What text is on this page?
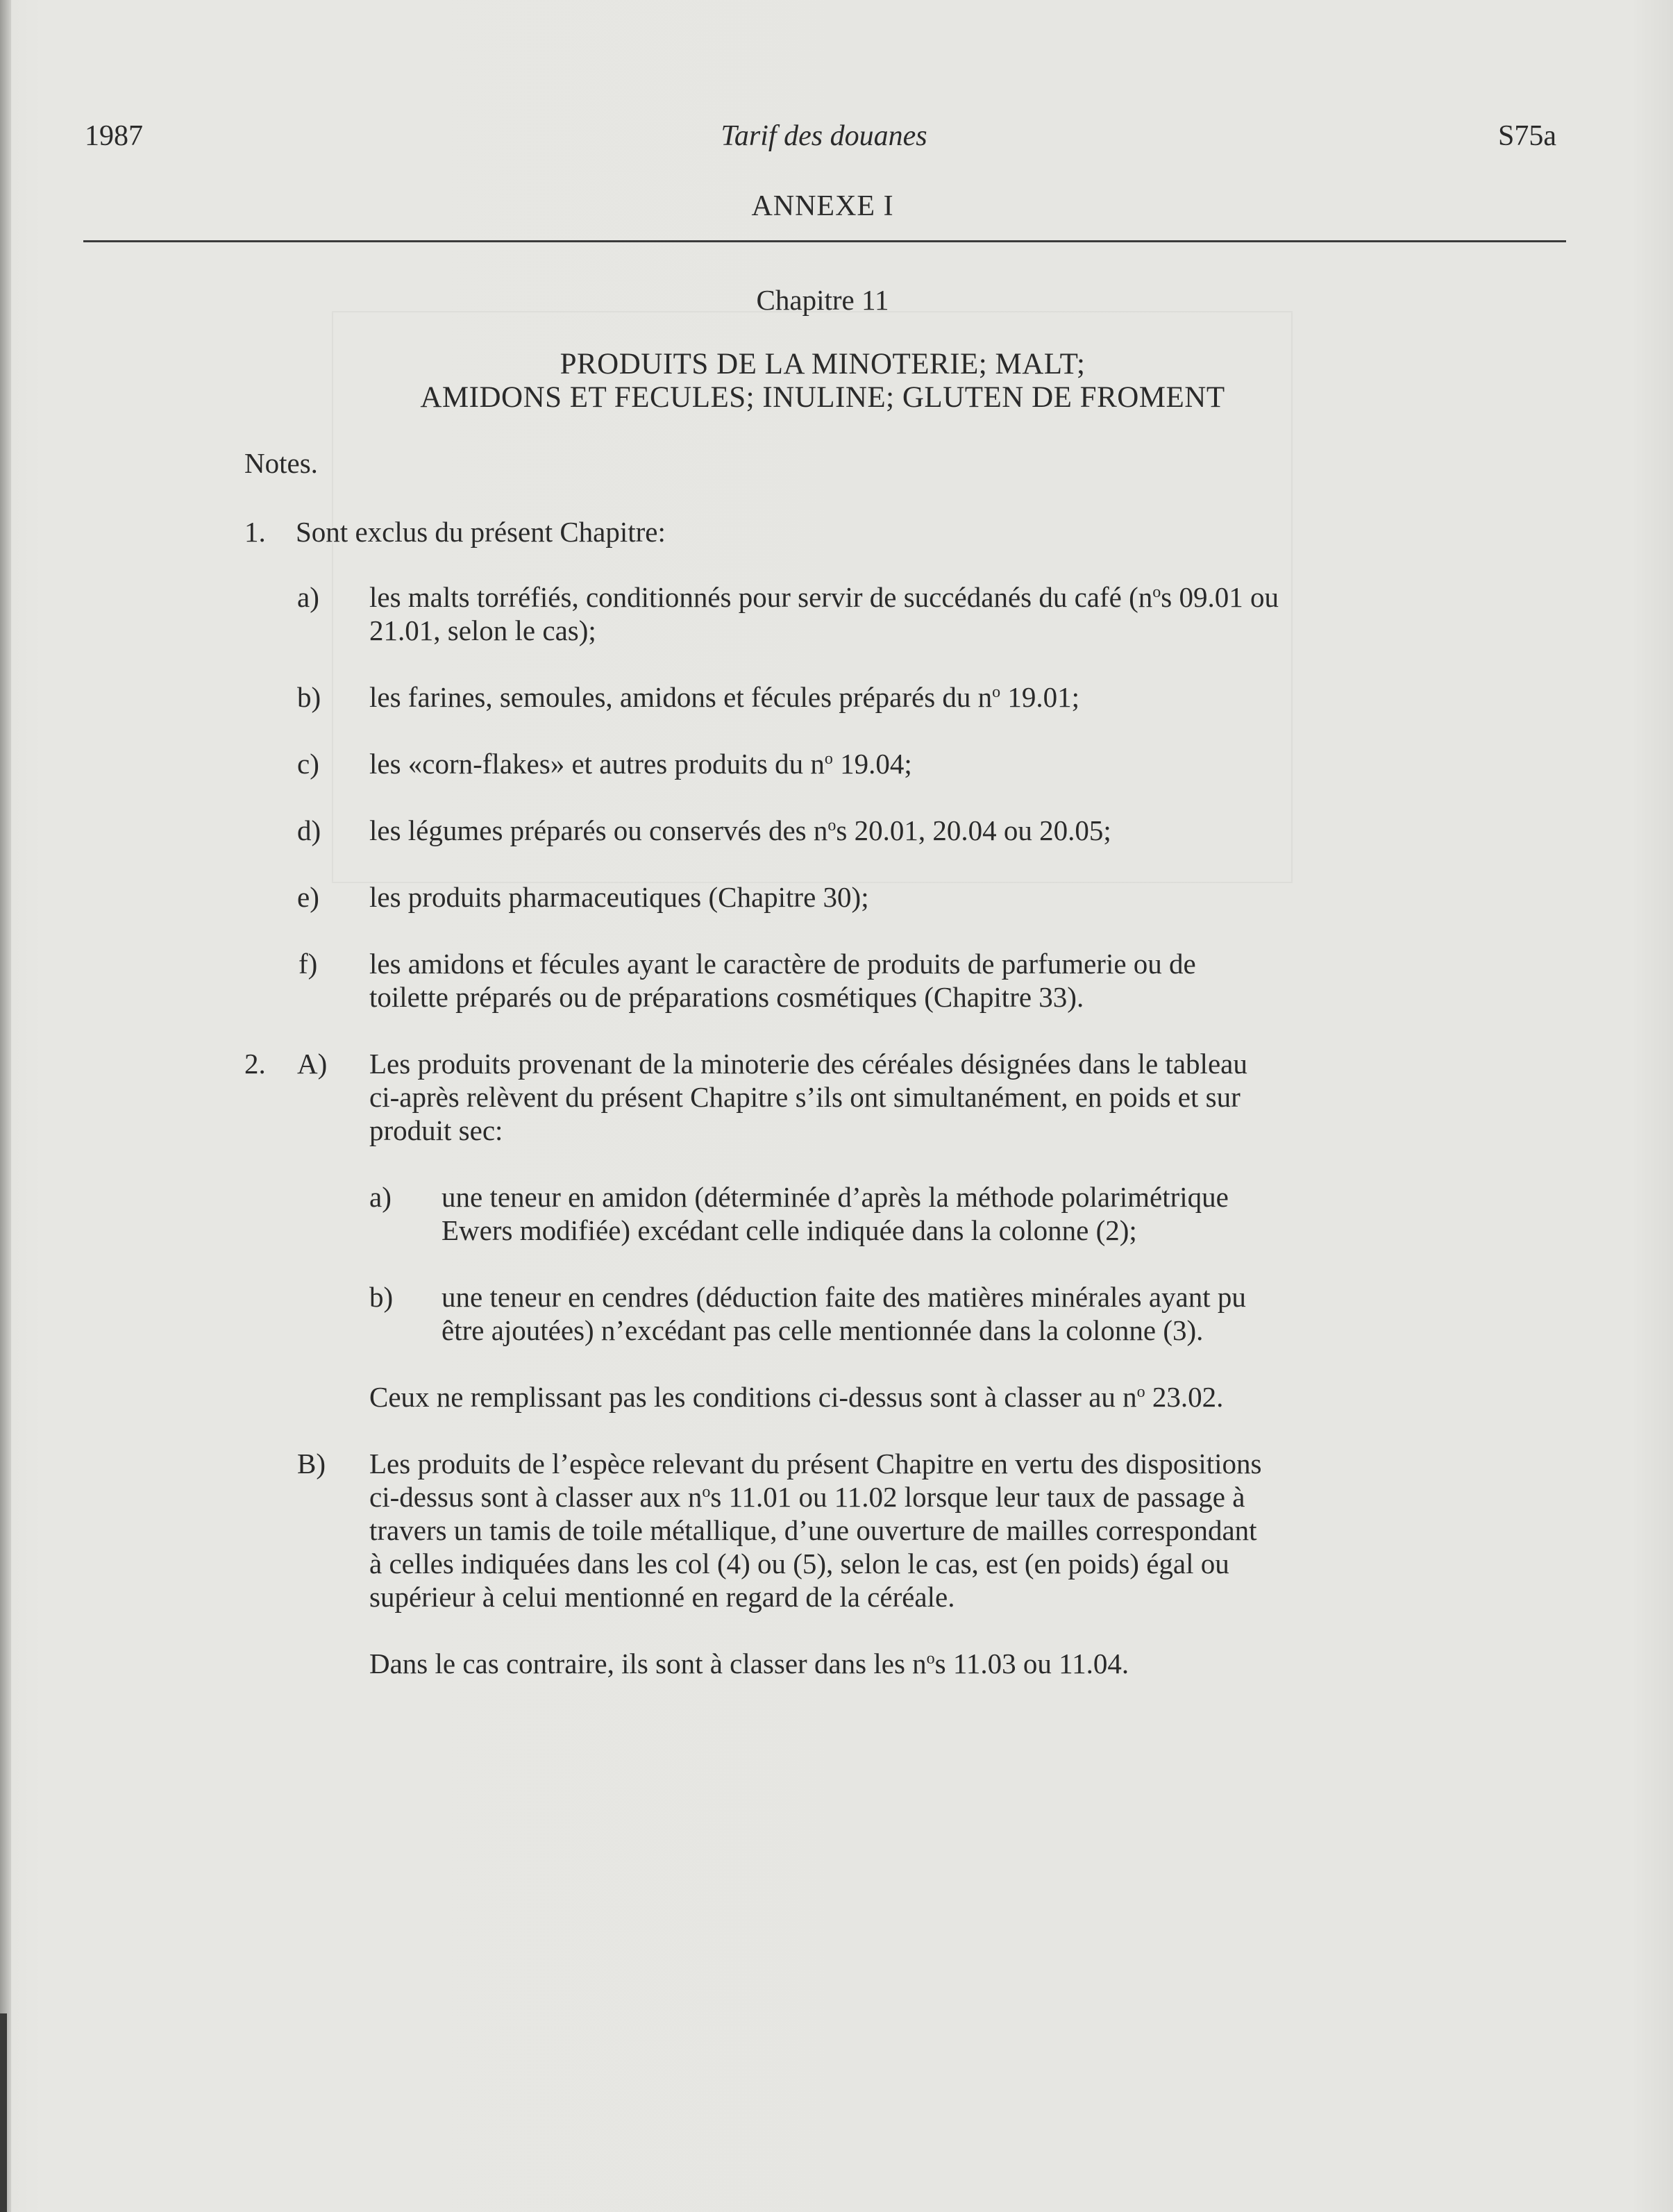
1987	Tarif des douanes	S75a
ANNEXE I
Chapitre 11
PRODUITS DE LA MINOTERIE; MALT;
AMIDONS ET FECULES; INULINE; GLUTEN DE FROMENT
Notes.
1. Sont exclus du présent Chapitre:
a) les malts torréfiés, conditionnés pour servir de succédanés du café ($n^os$ 09.01 ou
21.01, selon le cas);
b) les farines, semoules, amidons et fécules préparés du $n^o$ 19.01;
c) les «corn-flakes» et autres produits du $n^o$ 19.04;
d) les légumes préparés ou conservés des $n^os$ 20.01, 20.04 ou 20.05;
e) les produits pharmaceutiques (Chapitre 30);
f) les amidons et fécules ayant le caractère de produits de parfumerie ou de
toilette préparés ou de préparations cosmétiques (Chapitre 33).
2. A) Les produits provenant de la minoterie des céréales désignées dans le tableau
ci-après relèvent du présent Chapitre s’ils ont simultanément, en poids et sur
produit sec:
a) une teneur en amidon (déterminée d’après la méthode polarimétrique
Ewers modifiée) excédant celle indiquée dans la colonne (2);
b) une teneur en cendres (déduction faite des matières minérales ayant pu
être ajoutées) n’excédant pas celle mentionnée dans la colonne (3).
Ceux ne remplissant pas les conditions ci-dessus sont à classer au $n^o$ 23.02.
B) Les produits de l’espèce relevant du présent Chapitre en vertu des dispositions
ci-dessus sont à classer aux $n^os$ 11.01 ou 11.02 lorsque leur taux de passage à
travers un tamis de toile métallique, d’une ouverture de mailles correspondant
à celles indiquées dans les col (4) ou (5), selon le cas, est (en poids) égal ou
supérieur à celui mentionné en regard de la céréale.
Dans le cas contraire, ils sont à classer dans les $n^os$ 11.03 ou 11.04.
